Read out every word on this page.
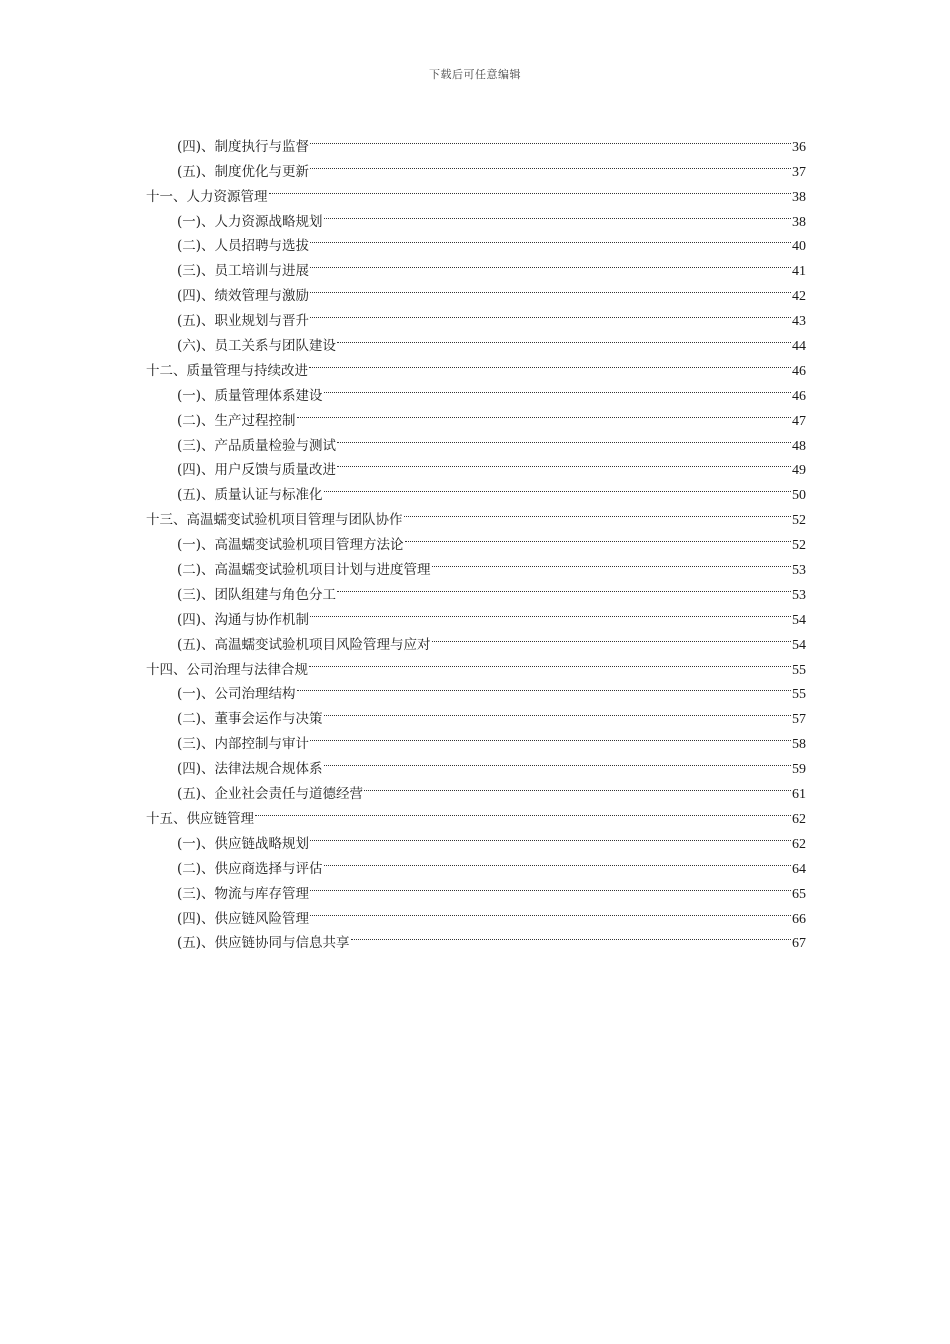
下载后可任意编辑
(四)、制度执行与监督	36
(五)、制度优化与更新	37
十一、人力资源管理	38
(一)、人力资源战略规划	38
(二)、人员招聘与选拔	40
(三)、员工培训与进展	41
(四)、绩效管理与激励	42
(五)、职业规划与晋升	43
(六)、员工关系与团队建设	44
十二、质量管理与持续改进	46
(一)、质量管理体系建设	46
(二)、生产过程控制	47
(三)、产品质量检验与测试	48
(四)、用户反馈与质量改进	49
(五)、质量认证与标准化	50
十三、高温蠕变试验机项目管理与团队协作	52
(一)、高温蠕变试验机项目管理方法论	52
(二)、高温蠕变试验机项目计划与进度管理	53
(三)、团队组建与角色分工	53
(四)、沟通与协作机制	54
(五)、高温蠕变试验机项目风险管理与应对	54
十四、公司治理与法律合规	55
(一)、公司治理结构	55
(二)、董事会运作与决策	57
(三)、内部控制与审计	58
(四)、法律法规合规体系	59
(五)、企业社会责任与道德经营	61
十五、供应链管理	62
(一)、供应链战略规划	62
(二)、供应商选择与评估	64
(三)、物流与库存管理	65
(四)、供应链风险管理	66
(五)、供应链协同与信息共享	67
